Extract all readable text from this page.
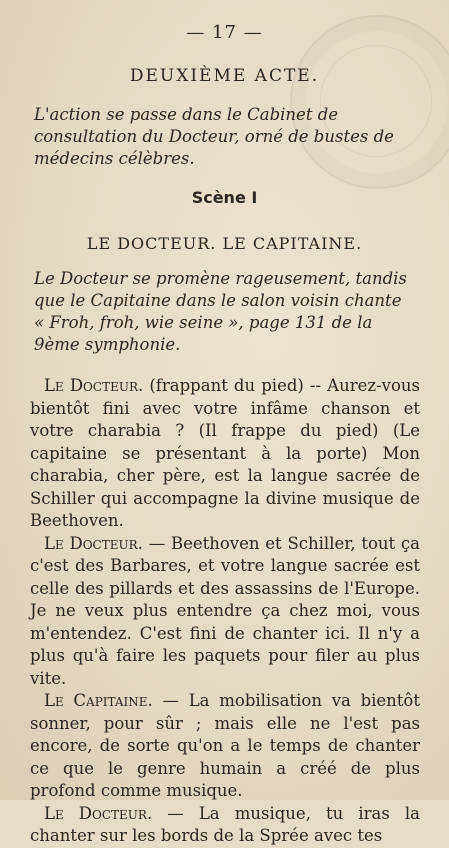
— 17 —
DEUXIÈME ACTE.
L'action se passe dans le Cabinet de consultation du Docteur, orné de bustes de médecins célèbres.
Scène I
LE DOCTEUR. LE CAPITAINE.
Le Docteur se promène rageusement, tandis que le Capitaine dans le salon voisin chante « Froh, froh, wie seine », page 131 de la 9ème symphonie.

Le Docteur. (frappant du pied) -- Aurez-vous bientôt fini avec votre infâme chanson et votre charabia ? (Il frappe du pied) (Le capitaine se présentant à la porte) Mon charabia, cher père, est la langue sacrée de Schiller qui accompagne la divine musique de Beethoven.

Le Docteur. — Beethoven et Schiller, tout ça c'est des Barbares, et votre langue sacrée est celle des pillards et des assassins de l'Europe. Je ne veux plus entendre ça chez moi, vous m'entendez. C'est fini de chanter ici. Il n'y a plus qu'à faire les paquets pour filer au plus vite.

Le Capitaine. — La mobilisation va bientôt sonner, pour sûr ; mais elle ne l'est pas encore, de sorte qu'on a le temps de chanter ce que le genre humain a créé de plus profond comme musique.

Le Docteur. — La musique, tu iras la chanter sur les bords de la Sprée avec tes
